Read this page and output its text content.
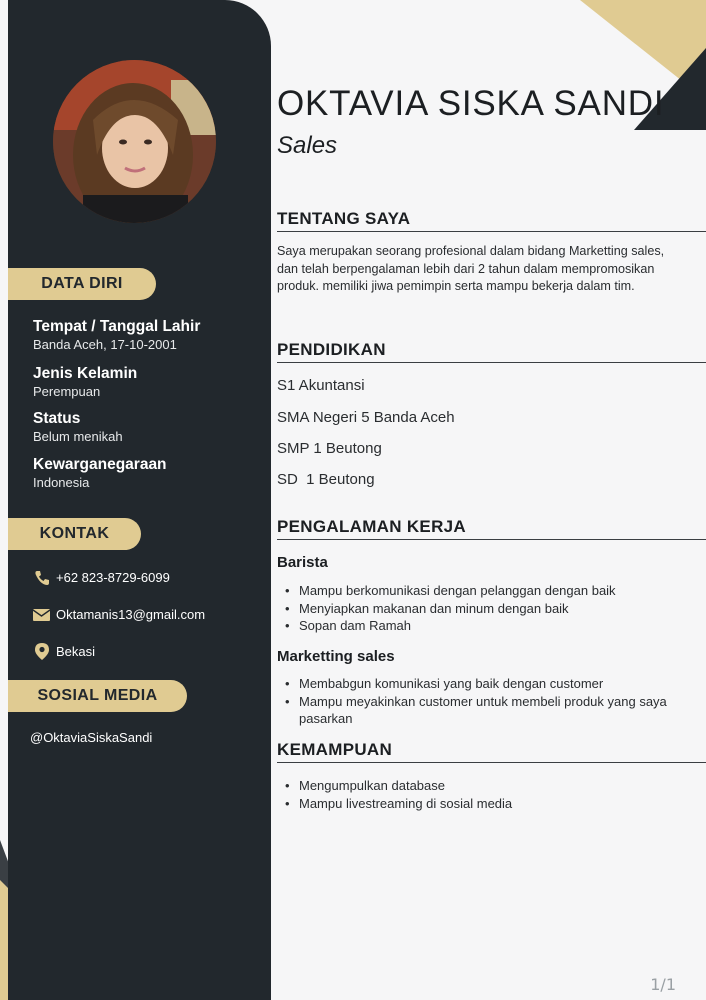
DATA DIRI
Tempat / Tanggal Lahir
Banda Aceh, 17-10-2001
Jenis Kelamin
Perempuan
Status
Belum menikah
Kewarganegaraan
Indonesia
KONTAK
+62 823-8729-6099
Oktamanis13@gmail.com
Bekasi
SOSIAL MEDIA
@OktaviaSiskaSandi
OKTAVIA SISKA SANDI
Sales
TENTANG SAYA
Saya merupakan seorang profesional dalam bidang Marketting sales, dan telah berpengalaman lebih dari 2 tahun dalam mempromosikan produk. memiliki jiwa pemimpin serta mampu bekerja dalam tim.
PENDIDIKAN
S1 Akuntansi
SMA Negeri 5 Banda Aceh
SMP 1 Beutong
SD  1 Beutong
PENGALAMAN KERJA
Barista
• Mampu berkomunikasi dengan pelanggan dengan baik
• Menyiapkan makanan dan minum dengan baik
• Sopan dam Ramah
Marketting sales
• Membabgun komunikasi yang baik dengan customer
• Mampu meyakinkan customer untuk membeli produk yang saya pasarkan
KEMAMPUAN
• Mengumpulkan database
• Mampu livestreaming di sosial media
1/1
